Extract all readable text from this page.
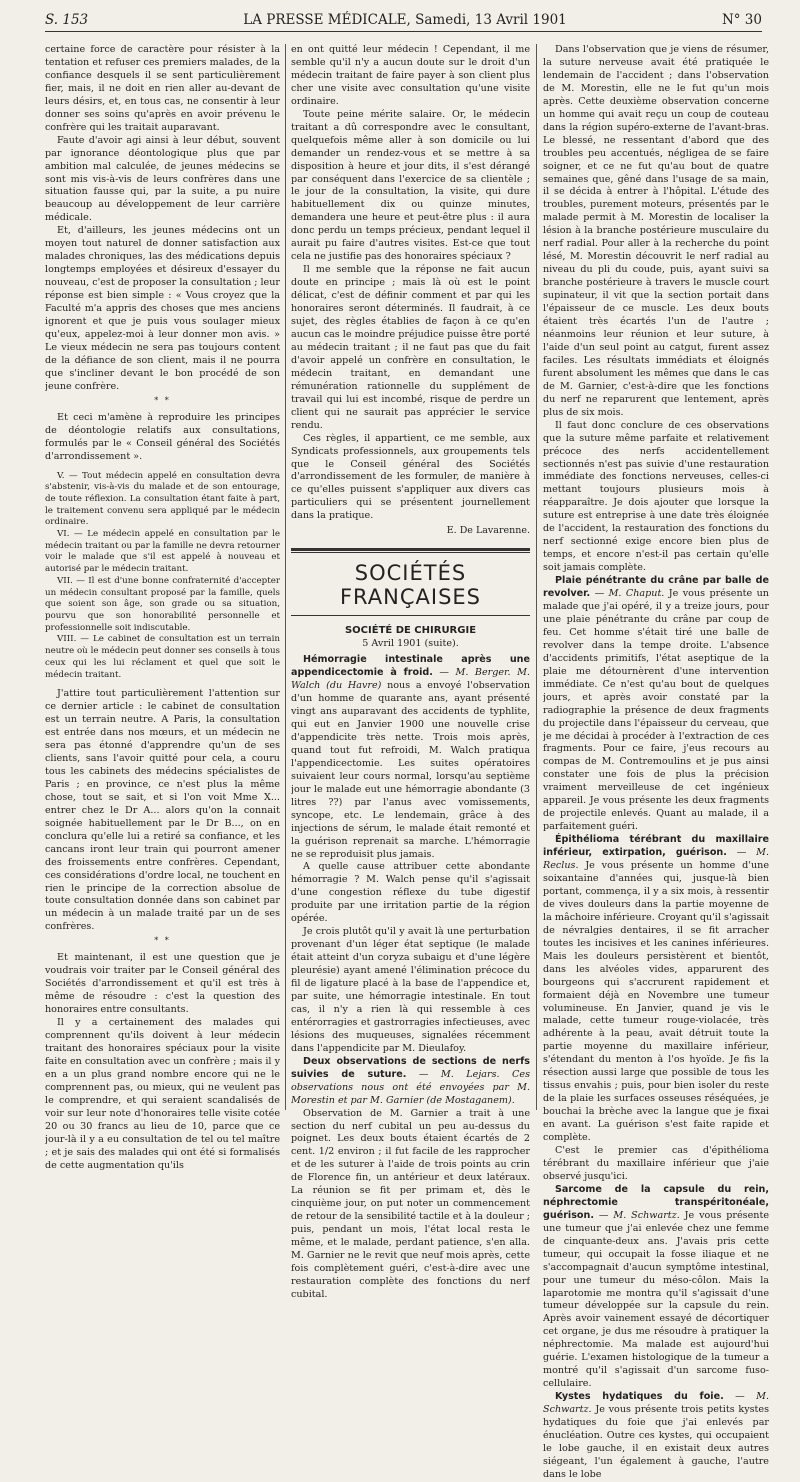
S. 153	LA PRESSE MÉDICALE, Samedi, 13 Avril 1901	N° 30

certaine force de caractère pour résister à la tentation et refuser ces premiers malades, de la confiance desquels il se sent particulièrement fier, mais, il ne doit en rien aller au-devant de leurs désirs, et, en tous cas, ne consentir à leur donner ses soins qu'après en avoir prévenu le confrère qui les traitait auparavant.

Faute d'avoir agi ainsi à leur début, souvent par ignorance déontologique plus que par ambition mal calculée, de jeunes médecins se sont mis vis-à-vis de leurs confrères dans une situation fausse qui, par la suite, a pu nuire beaucoup au développement de leur carrière médicale.

Et, d'ailleurs, les jeunes médecins ont un moyen tout naturel de donner satisfaction aux malades chroniques, las des médications depuis longtemps employées et désireux d'essayer du nouveau, c'est de proposer la consultation ; leur réponse est bien simple : « Vous croyez que la Faculté m'a appris des choses que mes anciens ignorent et que je puis vous soulager mieux qu'eux, appelez-moi à leur donner mon avis. » Le vieux médecin ne sera pas toujours content de la défiance de son client, mais il ne pourra que s'incliner devant le bon procédé de son jeune confrère.

* *

Et ceci m'amène à reproduire les principes de déontologie relatifs aux consultations, formulés par le « Conseil général des Sociétés d'arrondissement ».

V. — Tout médecin appelé en consultation devra s'abstenir, vis-à-vis du malade et de son entourage, de toute réflexion. La consultation étant faite à part, le traitement convenu sera appliqué par le médecin ordinaire.

VI. — Le médecin appelé en consultation par le médecin traitant ou par la famille ne devra retourner voir le malade que s'il est appelé à nouveau et autorisé par le médecin traitant.

VII. — Il est d'une bonne confraternité d'accepter un médecin consultant proposé par la famille, quels que soient son âge, son grade ou sa situation, pourvu que son honorabilité personnelle et professionnelle soit indiscutable.

VIII. — Le cabinet de consultation est un terrain neutre où le médecin peut donner ses conseils à tous ceux qui les lui réclament et quel que soit le médecin traitant.

J'attire tout particulièrement l'attention sur ce dernier article : le cabinet de consultation est un terrain neutre. A Paris, la consultation est entrée dans nos mœurs, et un médecin ne sera pas étonné d'apprendre qu'un de ses clients, sans l'avoir quitté pour cela, a couru tous les cabinets des médecins spécialistes de Paris ; en province, ce n'est plus la même chose, tout se sait, et si l'on voit Mme X... entrer chez le Dr A... alors qu'on la connait soignée habituellement par le Dr B..., on en conclura qu'elle lui a retiré sa confiance, et les cancans iront leur train qui pourront amener des froissements entre confrères. Cependant, ces considérations d'ordre local, ne touchent en rien le principe de la correction absolue de toute consultation donnée dans son cabinet par un médecin à un malade traité par un de ses confrères.

* *

Et maintenant, il est une question que je voudrais voir traiter par le Conseil général des Sociétés d'arrondissement et qu'il est très à même de résoudre : c'est la question des honoraires entre consultants.

Il y a certainement des malades qui comprennent qu'ils doivent à leur médecin traitant des honoraires spéciaux pour la visite faite en consultation avec un confrère ; mais il y en a un plus grand nombre encore qui ne le comprennent pas, ou mieux, qui ne veulent pas le comprendre, et qui seraient scandalisés de voir sur leur note d'honoraires telle visite cotée 20 ou 30 francs au lieu de 10, parce que ce jour-là il y a eu consultation de tel ou tel maître ; et je sais des malades qui ont été si formalisés de cette augmentation qu'ils

en ont quitté leur médecin ! Cependant, il me semble qu'il n'y a aucun doute sur le droit d'un médecin traitant de faire payer à son client plus cher une visite avec consultation qu'une visite ordinaire.

Toute peine mérite salaire. Or, le médecin traitant a dû correspondre avec le consultant, quelquefois même aller à son domicile ou lui demander un rendez-vous et se mettre à sa disposition à heure et jour dits, il s'est dérangé par conséquent dans l'exercice de sa clientèle ; le jour de la consultation, la visite, qui dure habituellement dix ou quinze minutes, demandera une heure et peut-être plus : il aura donc perdu un temps précieux, pendant lequel il aurait pu faire d'autres visites. Est-ce que tout cela ne justifie pas des honoraires spéciaux ?

Il me semble que la réponse ne fait aucun doute en principe ; mais là où est le point délicat, c'est de définir comment et par qui les honoraires seront déterminés. Il faudrait, à ce sujet, des règles établies de façon à ce qu'en aucun cas le moindre préjudice puisse être porté au médecin traitant ; il ne faut pas que du fait d'avoir appelé un confrère en consultation, le médecin traitant, en demandant une rémunération rationnelle du supplément de travail qui lui est incombé, risque de perdre un client qui ne saurait pas apprécier le service rendu.

Ces règles, il appartient, ce me semble, aux Syndicats professionnels, aux groupements tels que le Conseil général des Sociétés d'arrondissement de les formuler, de manière à ce qu'elles puissent s'appliquer aux divers cas particuliers qui se présentent journellement dans la pratique.

E. De Lavarenne.
SOCIÉTÉS FRANÇAISES
SOCIÉTÉ DE CHIRURGIE
5 Avril 1901 (suite).

Hémorragie intestinale après une appendicectomie à froid. — M. Berger. M. Walch (du Havre) nous a envoyé l'observation d'un homme de quarante ans, ayant présenté vingt ans auparavant des accidents de typhlite, qui eut en Janvier 1900 une nouvelle crise d'appendicite très nette. Trois mois après, quand tout fut refroidi, M. Walch pratiqua l'appendicectomie. Les suites opératoires suivaient leur cours normal, lorsqu'au septième jour le malade eut une hémorragie abondante (3 litres ??) par l'anus avec vomissements, syncope, etc. Le lendemain, grâce à des injections de sérum, le malade était remonté et la guérison reprenait sa marche. L'hémorragie ne se reproduisit plus jamais.

A quelle cause attribuer cette abondante hémorragie ? M. Walch pense qu'il s'agissait d'une congestion réflexe du tube digestif produite par une irritation partie de la région opérée.

Je crois plutôt qu'il y avait là une perturbation provenant d'un léger état septique (le malade était atteint d'un coryza subaigu et d'une légère pleurésie) ayant amené l'élimination précoce du fil de ligature placé à la base de l'appendice et, par suite, une hémorragie intestinale. En tout cas, il n'y a rien là qui ressemble à ces entérorragies et gastrorragies infectieuses, avec lésions des muqueuses, signalées récemment dans l'appendicite par M. Dieulafoy.

Deux observations de sections de nerfs suivies de suture. — M. Lejars. Ces observations nous ont été envoyées par M. Morestin et par M. Garnier (de Mostaganem).

Observation de M. Garnier a trait à une section du nerf cubital un peu au-dessus du poignet. Les deux bouts étaient écartés de 2 cent. 1/2 environ ; il fut facile de les rapprocher et de les suturer à l'aide de trois points au crin de Florence fin, un antérieur et deux latéraux. La réunion se fit per primam et, dès le cinquième jour, on put noter un commencement de retour de la sensibilité tactile et à la douleur ; puis, pendant un mois, l'état local resta le même, et le malade, perdant patience, s'en alla. M. Garnier ne le revit que neuf mois après, cette fois complètement guéri, c'est-à-dire avec une restauration complète des fonctions du nerf cubital.

Dans l'observation que je viens de résumer, la suture nerveuse avait été pratiquée le lendemain de l'accident ; dans l'observation de M. Morestin, elle ne le fut qu'un mois après. Cette deuxième observation concerne un homme qui avait reçu un coup de couteau dans la région supéro-externe de l'avant-bras. Le blessé, ne ressentant d'abord que des troubles peu accentués, négligea de se faire soigner, et ce ne fut qu'au bout de quatre semaines que, gêné dans l'usage de sa main, il se décida à entrer à l'hôpital. L'étude des troubles, purement moteurs, présentés par le malade permit à M. Morestin de localiser la lésion à la branche postérieure musculaire du nerf radial. Pour aller à la recherche du point lésé, M. Morestin découvrit le nerf radial au niveau du pli du coude, puis, ayant suivi sa branche postérieure à travers le muscle court supinateur, il vit que la section portait dans l'épaisseur de ce muscle. Les deux bouts étaient très écartés l'un de l'autre ; néanmoins leur réunion et leur suture, à l'aide d'un seul point au catgut, furent assez faciles. Les résultats immédiats et éloignés furent absolument les mêmes que dans le cas de M. Garnier, c'est-à-dire que les fonctions du nerf ne reparurent que lentement, après plus de six mois.

Il faut donc conclure de ces observations que la suture même parfaite et relativement précoce des nerfs accidentellement sectionnés n'est pas suivie d'une restauration immédiate des fonctions nerveuses, celles-ci mettant toujours plusieurs mois à réapparaître. Je dois ajouter que lorsque la suture est entreprise à une date très éloignée de l'accident, la restauration des fonctions du nerf sectionné exige encore bien plus de temps, et encore n'est-il pas certain qu'elle soit jamais complète.

Plaie pénétrante du crâne par balle de revolver. — M. Chaput. Je vous présente un malade que j'ai opéré, il y a treize jours, pour une plaie pénétrante du crâne par coup de feu. Cet homme s'était tiré une balle de revolver dans la tempe droite. L'absence d'accidents primitifs, l'état aseptique de la plaie me détournèrent d'une intervention immédiate. Ce n'est qu'au bout de quelques jours, et après avoir constaté par la radiographie la présence de deux fragments du projectile dans l'épaisseur du cerveau, que je me décidai à procéder à l'extraction de ces fragments. Pour ce faire, j'eus recours au compas de M. Contremoulins et je pus ainsi constater une fois de plus la précision vraiment merveilleuse de cet ingénieux appareil. Je vous présente les deux fragments de projectile enlevés. Quant au malade, il a parfaitement guéri.

Épithélioma térébrant du maxillaire inférieur, extirpation, guérison. — M. Reclus. Je vous présente un homme d'une soixantaine d'années qui, jusque-là bien portant, commença, il y a six mois, à ressentir de vives douleurs dans la partie moyenne de la mâchoire inférieure. Croyant qu'il s'agissait de névralgies dentaires, il se fit arracher toutes les incisives et les canines inférieures. Mais les douleurs persistèrent et bientôt, dans les alvéoles vides, apparurent des bourgeons qui s'accrurent rapidement et formaient déjà en Novembre une tumeur volumineuse. En Janvier, quand je vis le malade, cette tumeur rouge-violacée, très adhérente à la peau, avait détruit toute la partie moyenne du maxillaire inférieur, s'étendant du menton à l'os hyoïde. Je fis la résection aussi large que possible de tous les tissus envahis ; puis, pour bien isoler du reste de la plaie les surfaces osseuses réséquées, je bouchai la brèche avec la langue que je fixai en avant. La guérison s'est faite rapide et complète.

C'est le premier cas d'épithélioma térébrant du maxillaire inférieur que j'aie observé jusqu'ici.

Sarcome de la capsule du rein, néphrectomie transpéritonéale, guérison. — M. Schwartz. Je vous présente une tumeur que j'ai enlevée chez une femme de cinquante-deux ans. J'avais pris cette tumeur, qui occupait la fosse iliaque et ne s'accompagnait d'aucun symptôme intestinal, pour une tumeur du méso-côlon. Mais la laparotomie me montra qu'il s'agissait d'une tumeur développée sur la capsule du rein. Après avoir vainement essayé de décortiquer cet organe, je dus me résoudre à pratiquer la néphrectomie. Ma malade est aujourd'hui guérie. L'examen histologique de la tumeur a montré qu'il s'agissait d'un sarcome fuso-cellulaire.

Kystes hydatiques du foie. — M. Schwartz. Je vous présente trois petits kystes hydatiques du foie que j'ai enlevés par énucléation. Outre ces kystes, qui occupaient le lobe gauche, il en existait deux autres siégeant, l'un également à gauche, l'autre dans le lobe
